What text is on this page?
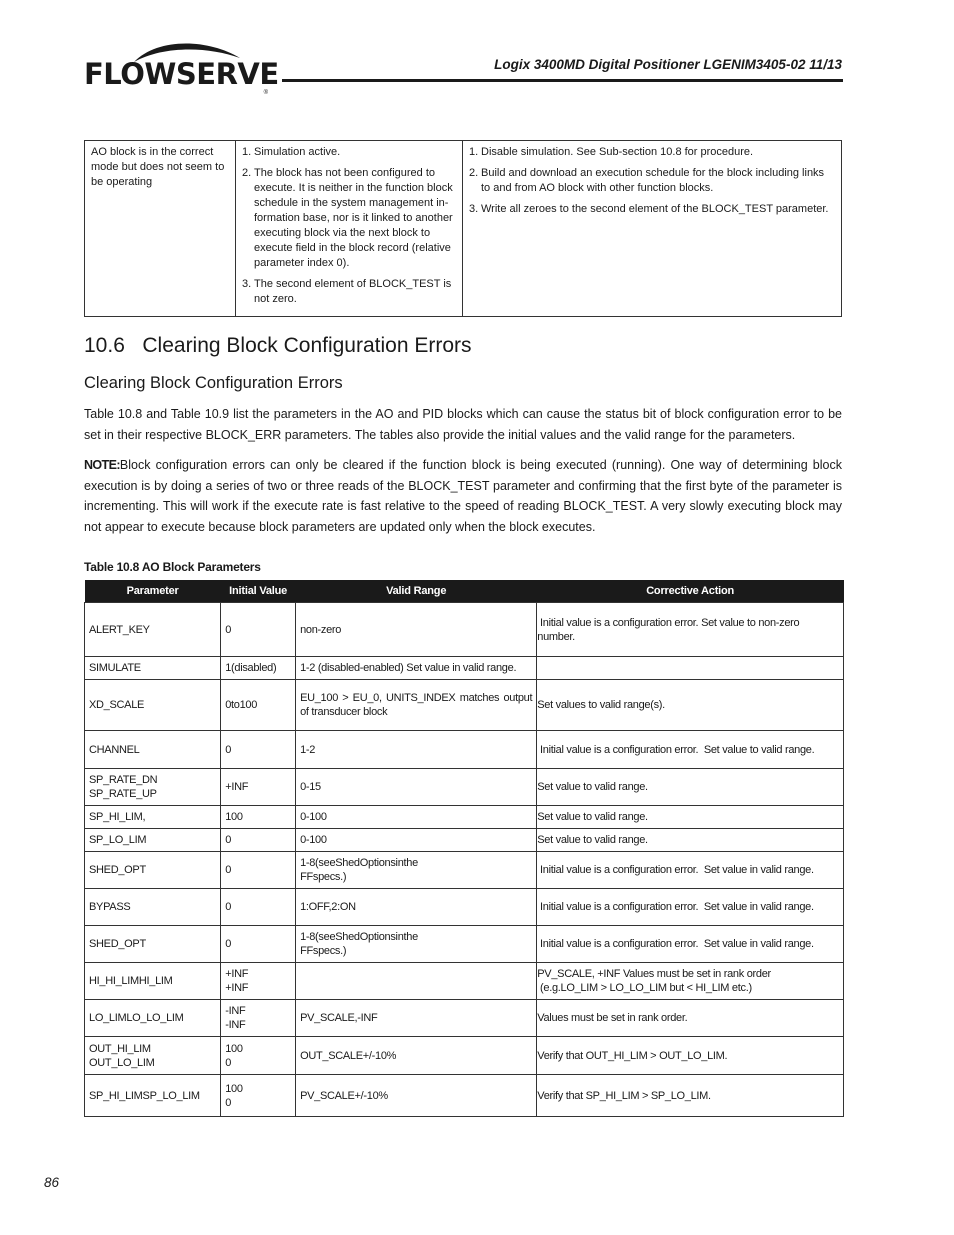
FLOWSERVE
®
Logix 3400MD Digital Positioner LGENIM3405-02 11/13
AO block is in the correct mode but does not seem to be operating	
1. Simulation active.
2. The block has not been configured to execute. It is neither in the function block schedule in the system management in-formation base, nor is it linked to another executing block via the next block to execute field in the block record (relative parameter index 0).
3. The second element of BLOCK_TEST is not zero.

1. Disable simulation. See Sub-section 10.8 for procedure.
2. Build and download an execution schedule for the block including links to and from AO block with other function blocks.
3. Write all zeroes to the second element of the BLOCK_TEST parameter.
10.6   Clearing Block Configuration Errors
Clearing Block Configuration Errors

Table 10.8 and Table 10.9 list the parameters in the AO and PID blocks which can cause the status bit of block configuration error to be set in their respective BLOCK_ERR parameters. The tables also provide the initial values and the valid range for the parameters.

NOTE:Block configuration errors can only be cleared if the function block is being executed (running). One way of determining block execution is by doing a series of two or three reads of the BLOCK_TEST parameter and confirming that the first byte of the parameter is incrementing. This will work if the execute rate is fast relative to the speed of reading BLOCK_TEST. A very slowly executing block may not appear to execute because block parameters are updated only when the block executes.

Table 10.8 AO Block Parameters
Parameter	Initial Value	Valid Range	Corrective Action

ALERT_KEY	0	non-zero	Initial value is a configuration error. Set value to non-zero number.

SIMULATE	1(disabled)	1-2 (disabled-enabled) Set value in valid range.	

XD_SCALE	0to100	EU_100 > EU_0, UNITS_INDEX matches output of transducer block	Set values to valid range(s).

CHANNEL	0	1-2	Initial value is a configuration error.  Set value to valid range.

SP_RATE_DN
SP_RATE_UP	+INF	0-15	Set value to valid range.

SP_HI_LIM,	100	0-100	Set value to valid range.

SP_LO_LIM	0	0-100	Set value to valid range.

SHED_OPT	0	1-8(seeShedOptionsinthe
FFspecs.)	Initial value is a configuration error.  Set value in valid range.

BYPASS	0	1:OFF,2:ON	Initial value is a configuration error.  Set value in valid range.

SHED_OPT	0	1-8(seeShedOptionsinthe
FFspecs.)	Initial value is a configuration error.  Set value in valid range.

HI_HI_LIMHI_LIM	+INF
+INF		PV_SCALE, +INF Values must be set in rank order
(e.g.LO_LIM > LO_LO_LIM but < HI_LIM etc.)

LO_LIMLO_LO_LIM	-INF
-INF	PV_SCALE,-INF	Values must be set in rank order.

OUT_HI_LIM
OUT_LO_LIM	100
0	OUT_SCALE+/-10%	Verify that OUT_HI_LIM > OUT_LO_LIM.

SP_HI_LIMSP_LO_LIM	100
0	PV_SCALE+/-10%	Verify that SP_HI_LIM > SP_LO_LIM.
86
